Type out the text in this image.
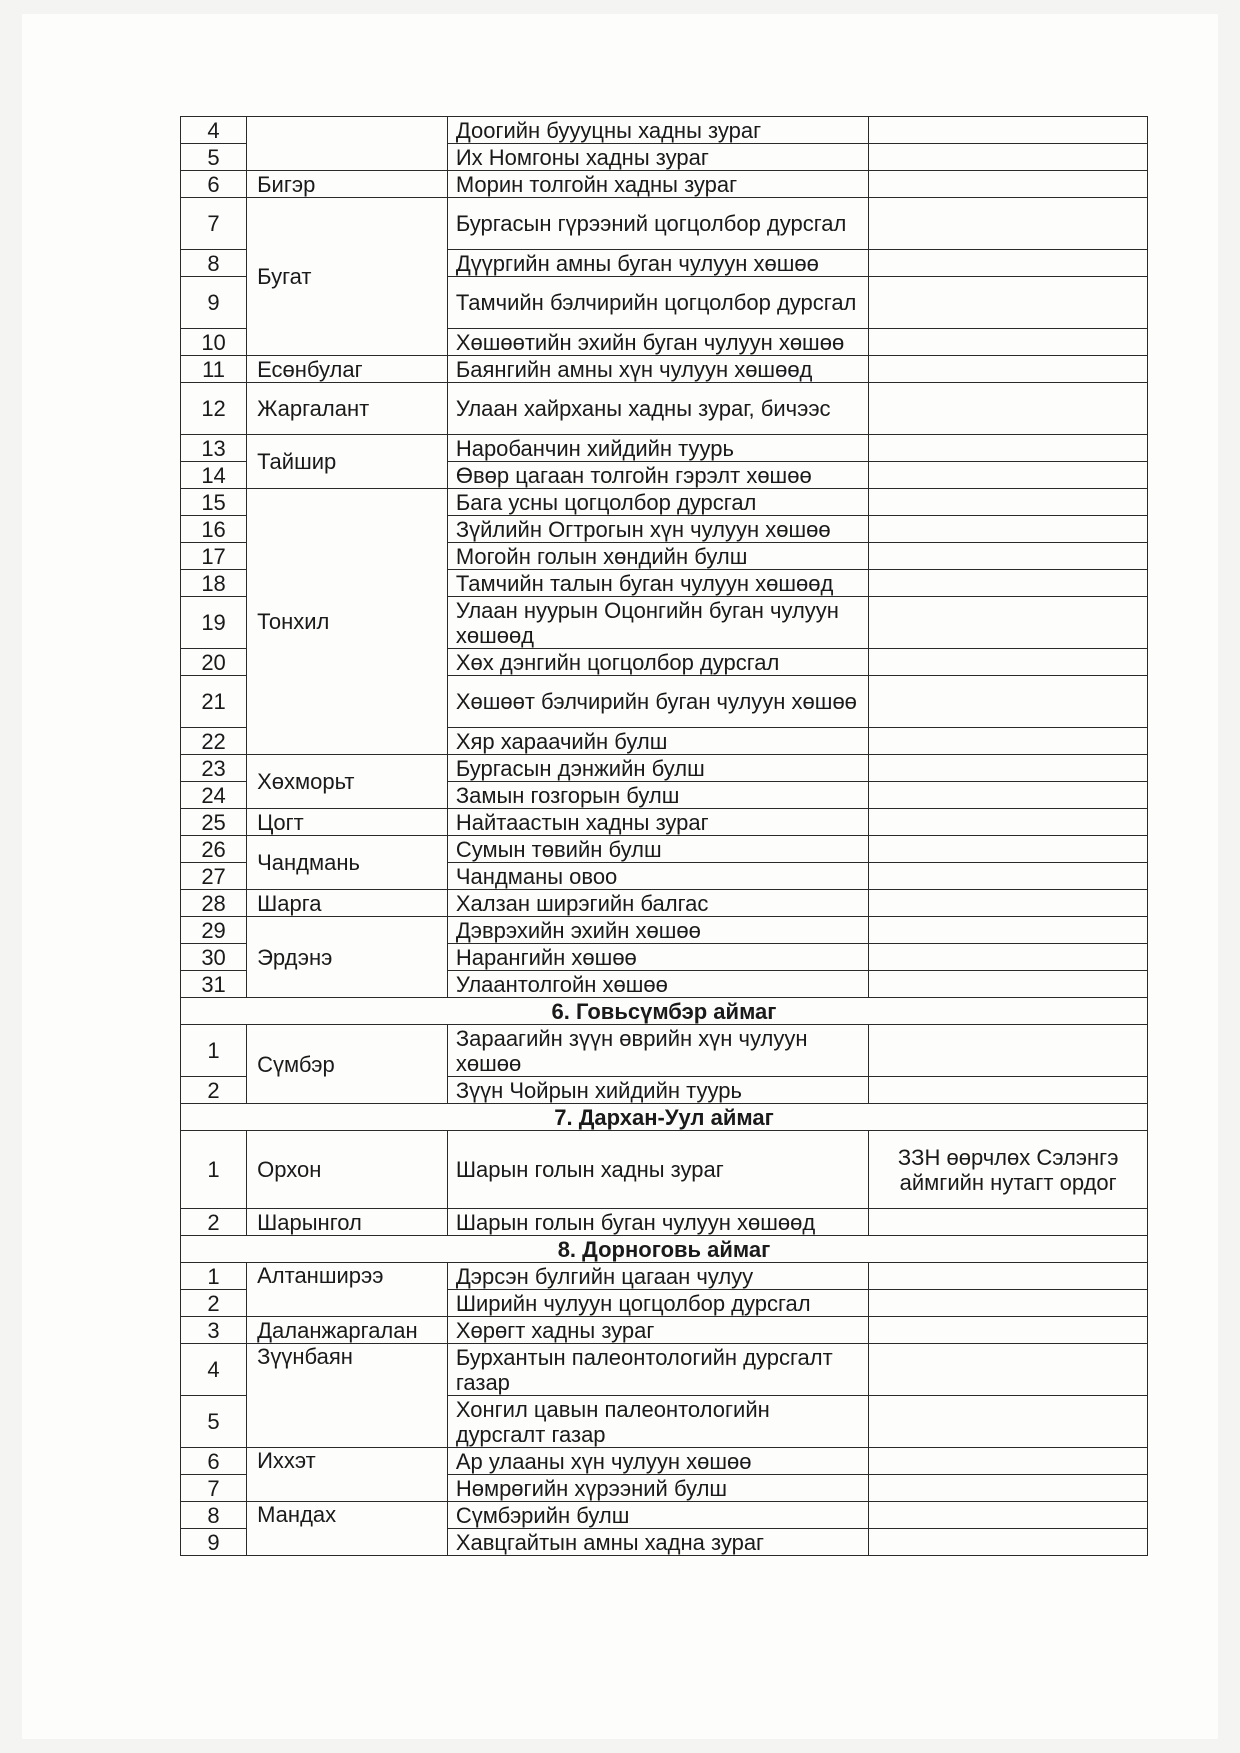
4		Доогийн буууцны хадны зураг	
5		Их Номгоны хадны зураг	
6	Бигэр	Морин толгойн хадны зураг	
7	Бугат	Бургасын гүрээний цогцолбор дурсгал	
8		Дүүргийн амны буган чулуун хөшөө	
9		Тамчийн бэлчирийн цогцолбор дурсгал	
10		Хөшөөтийн эхийн буган чулуун хөшөө	
11	Есөнбулаг	Баянгийн амны хүн чулуун хөшөөд	
12	Жаргалант	Улаан хайрханы хадны зураг, бичээс	
13	Тайшир	Наробанчин хийдийн туурь	
14		Өвөр цагаан толгойн гэрэлт хөшөө	
15	Тонхил	Бага усны цогцолбор дурсгал	
16		Зүйлийн Огтрогын хүн чулуун хөшөө	
17		Могойн голын хөндийн булш	
18		Тамчийн талын буган чулуун хөшөөд	
19		Улаан нуурын Оцонгийн буган чулуун хөшөөд	
20		Хөх дэнгийн цогцолбор дурсгал	
21		Хөшөөт бэлчирийн буган чулуун хөшөө	
22		Хяр хараачийн булш	
23	Хөхморьт	Бургасын дэнжийн булш	
24		Замын гозгорын булш	
25	Цогт	Найтаастын хадны зураг	
26	Чандмань	Сумын төвийн булш	
27		Чандманы овоо	
28	Шарга	Халзан ширэгийн балгас	
29	Эрдэнэ	Дэврэхийн эхийн хөшөө	
30		Нарангийн хөшөө	
31		Улаантолгойн хөшөө	
6. Говьсүмбэр аймаг			
1	Сүмбэр	Зараагийн зүүн өврийн хүн чулуун хөшөө	
2		Зүүн Чойрын хийдийн туурь	
7. Дархан-Уул аймаг			
1	Орхон	Шарын голын хадны зураг	ЗЗН өөрчлөх Сэлэнгэ аймгийн нутагт ордог
2	Шарынгол	Шарын голын буган чулуун хөшөөд	
8. Дорноговь аймаг			
1	Алтанширээ	Дэрсэн булгийн цагаан чулуу	
2		Ширийн чулуун цогцолбор дурсгал	
3	Даланжаргалан	Хөрөгт хадны зураг	
4	Зүүнбаян	Бурхантын палеонтологийн дурсгалт газар	
5		Хонгил цавын палеонтологийн дурсгалт газар	
6	Иххэт	Ар улааны хүн чулуун хөшөө	
7		Нөмрөгийн хүрээний булш	
8	Мандах	Сүмбэрийн булш	
9		Хавцгайтын амны хадна зураг	
